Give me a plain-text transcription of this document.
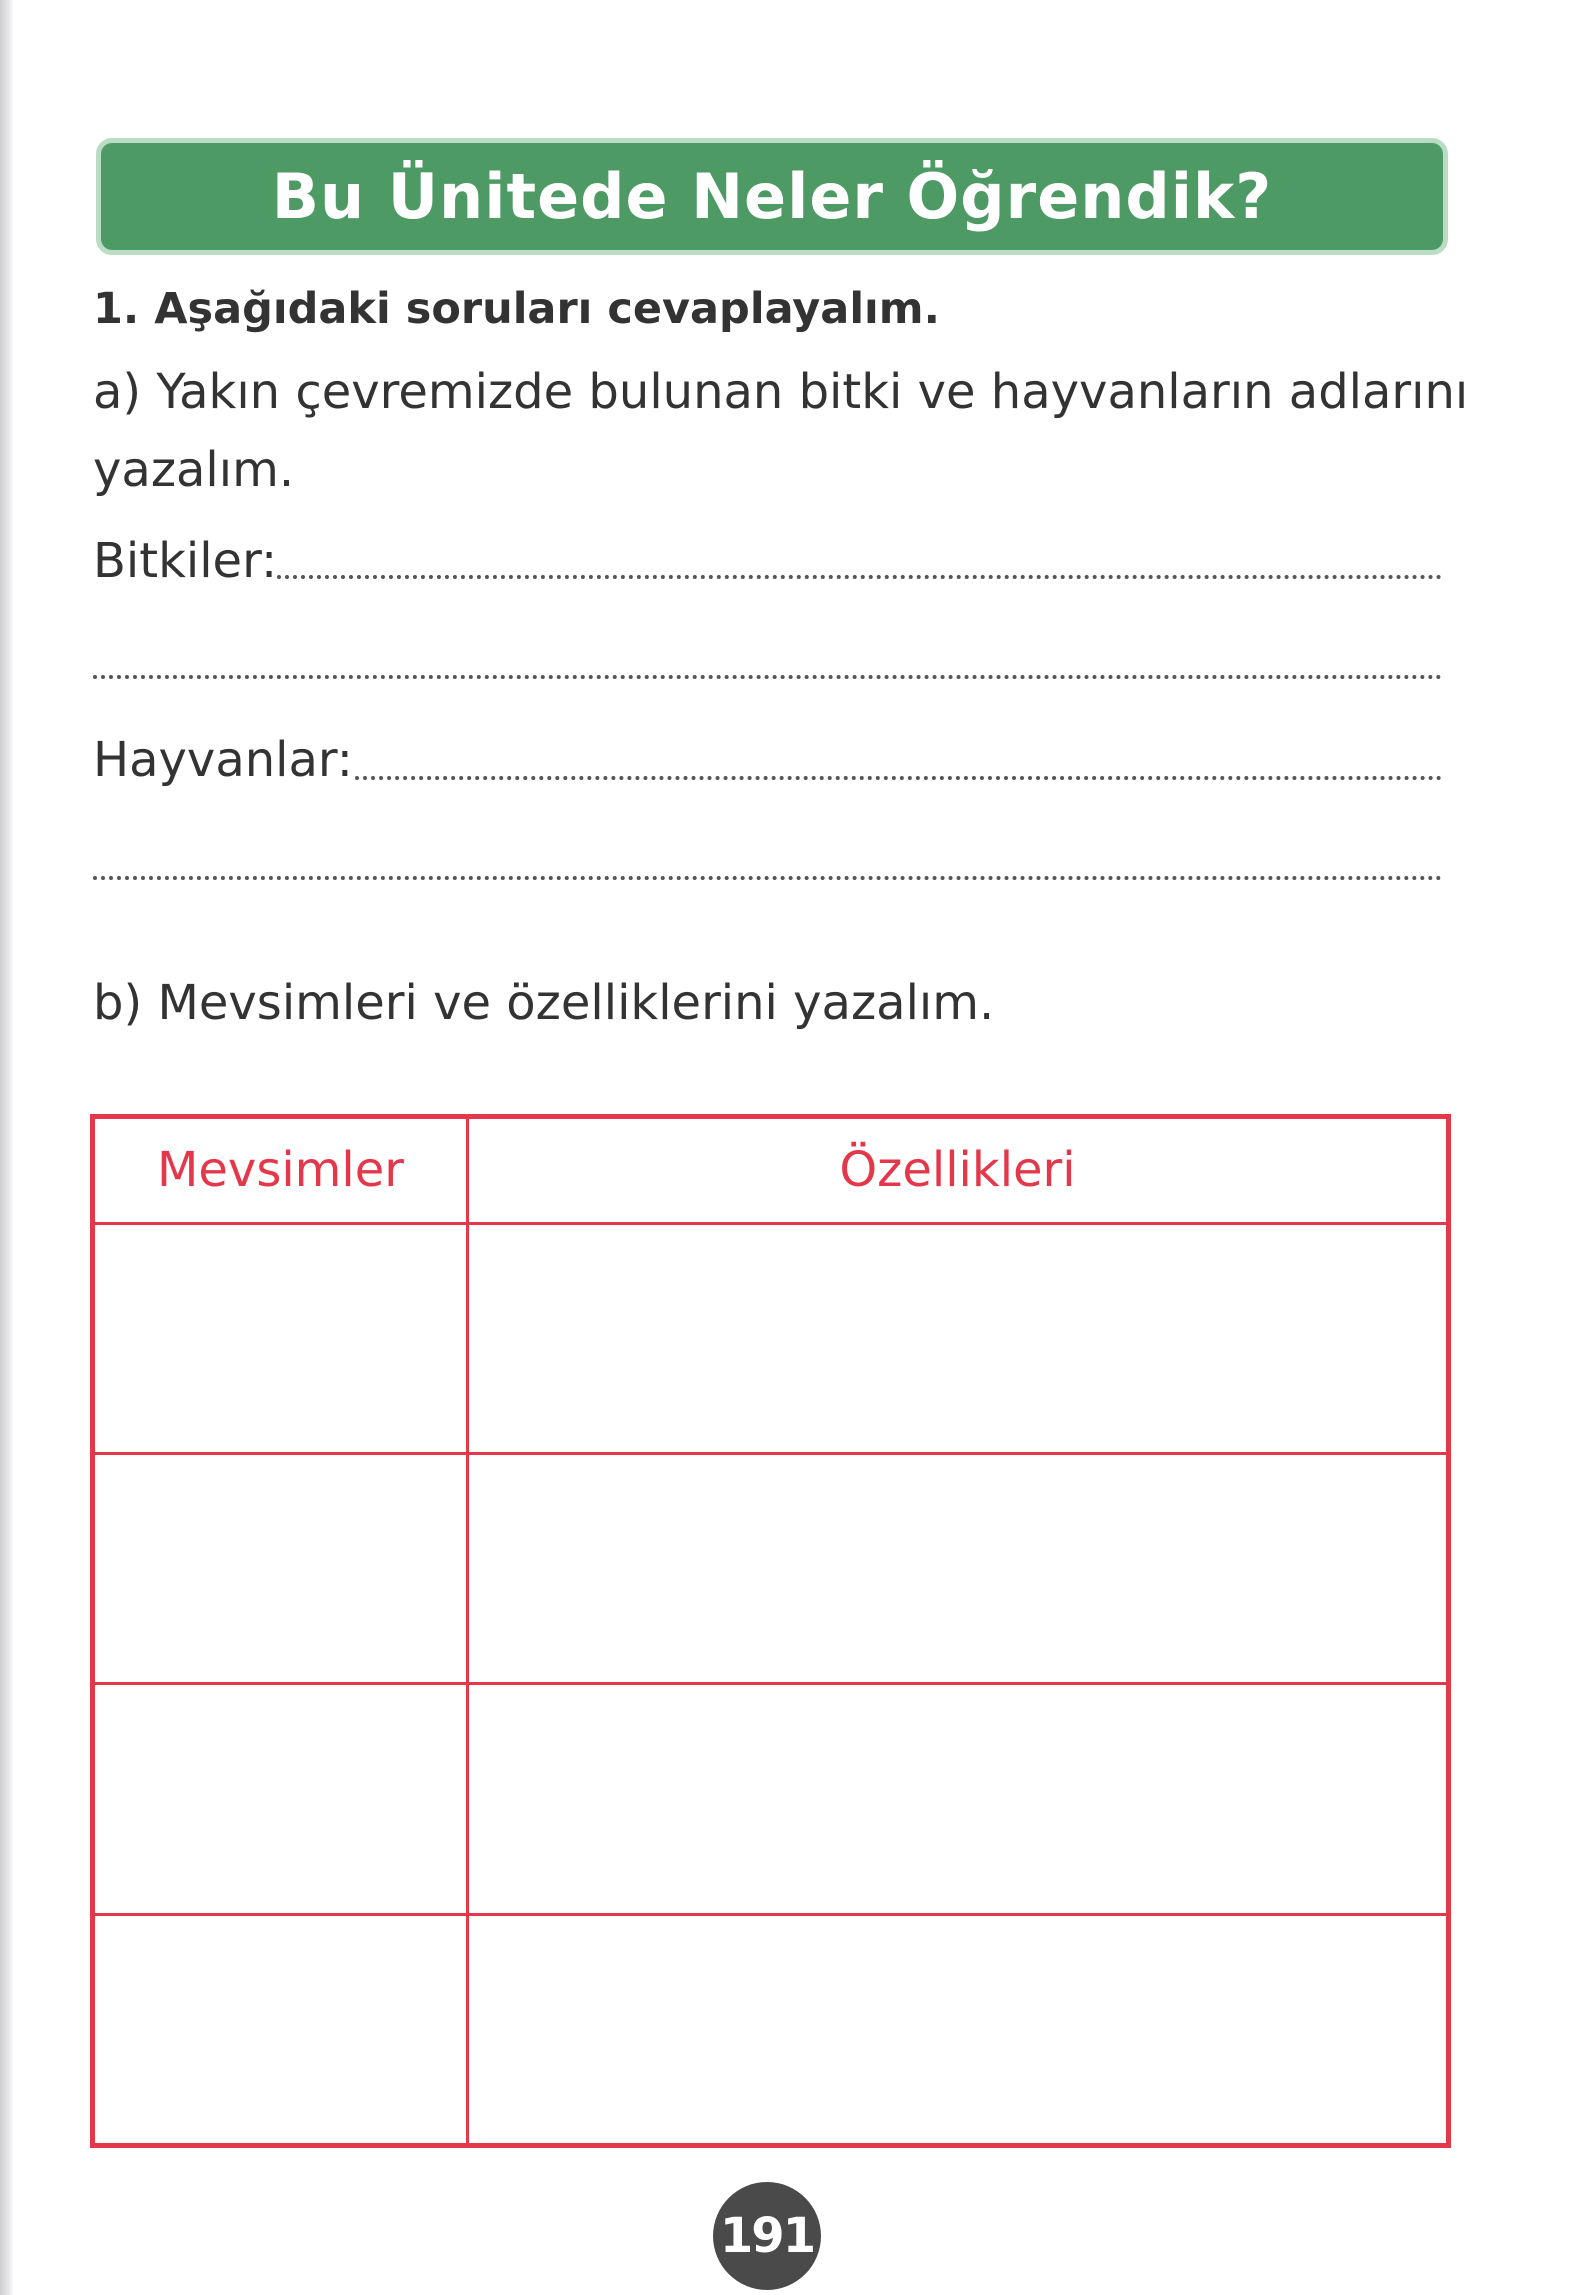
Bu Ünitede Neler Öğrendik?
1. Aşağıdaki soruları cevaplayalım.
a) Yakın çevremizde bulunan bitki ve hayvanların adlarını
yazalım.
Bitkiler:
Hayvanlar:
b) Mevsimleri ve özelliklerini yazalım.
Mevsimler	Özellikleri

191
